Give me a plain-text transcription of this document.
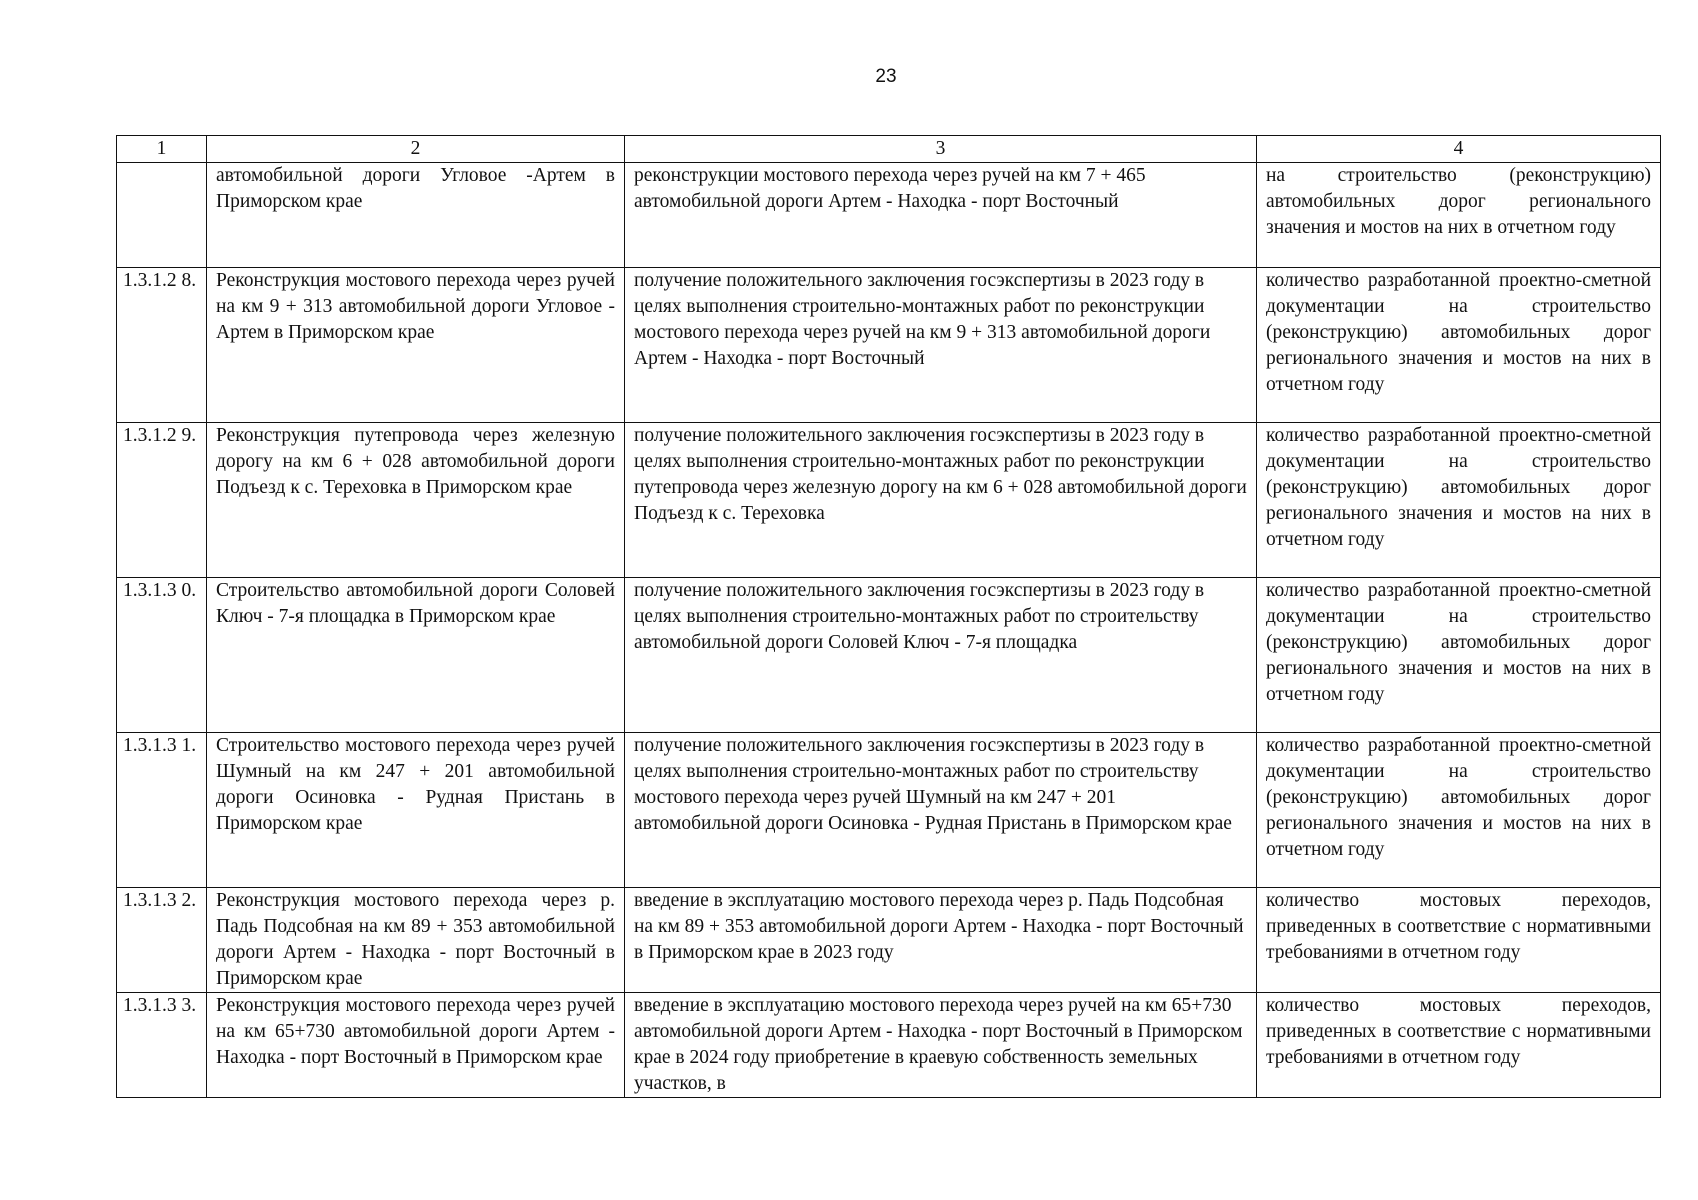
23
1	2	3	4
	автомобильной дороги Угловое -Артем в Приморском крае	реконструкции мостового перехода через ручей на км 7 + 465 автомобильной дороги Артем - Находка - порт Восточный	на строительство (реконструкцию) автомобильных дорог регионального значения и мостов на них в отчетном году
1.3.1.2 8.	Реконструкция мостового перехода через ручей на км 9 + 313 автомобильной дороги Угловое - Артем в Приморском крае	получение положительного заключения госэкспертизы в 2023 году в целях выполнения строительно-монтажных работ по реконструкции мостового перехода через ручей на км 9 + 313 автомобильной дороги Артем - Находка - порт Восточный	количество разработанной проектно-сметной документации на строительство (реконструкцию) автомобильных дорог регионального значения и мостов на них в отчетном году
1.3.1.2 9.	Реконструкция путепровода через железную дорогу на км 6 + 028 автомобильной дороги Подъезд к с. Тереховка в Приморском крае	получение положительного заключения госэкспертизы в 2023 году в целях выполнения строительно-монтажных работ по реконструкции путепровода через железную дорогу на км 6 + 028 автомобильной дороги Подъезд к с. Тереховка	количество разработанной проектно-сметной документации на строительство (реконструкцию) автомобильных дорог регионального значения и мостов на них в отчетном году
1.3.1.3 0.	Строительство автомобильной дороги Соловей Ключ - 7-я площадка в Приморском крае	получение положительного заключения госэкспертизы в 2023 году в целях выполнения строительно-монтажных работ по строительству автомобильной дороги Соловей Ключ - 7-я площадка	количество разработанной проектно-сметной документации на строительство (реконструкцию) автомобильных дорог регионального значения и мостов на них в отчетном году
1.3.1.3 1.	Строительство мостового перехода через ручей Шумный на км 247 + 201 автомобильной дороги Осиновка - Рудная Пристань в Приморском крае	получение положительного заключения госэкспертизы в 2023 году в целях выполнения строительно-монтажных работ по строительству мостового перехода через ручей Шумный на км 247 + 201 автомобильной дороги Осиновка - Рудная Пристань в Приморском крае	количество разработанной проектно-сметной документации на строительство (реконструкцию) автомобильных дорог регионального значения и мостов на них в отчетном году
1.3.1.3 2.	Реконструкция мостового перехода через р. Падь Подсобная на км 89 + 353 автомобильной дороги Артем - Находка - порт Восточный в Приморском крае	введение в эксплуатацию мостового перехода через р. Падь Подсобная на км 89 + 353 автомобильной дороги Артем - Находка - порт Восточный в Приморском крае в 2023 году	количество мостовых переходов, приведенных в соответствие с нормативными требованиями в отчетном году
1.3.1.3 3.	Реконструкция мостового перехода через ручей на км 65+730 автомобильной дороги Артем - Находка - порт Восточный в Приморском крае	введение в эксплуатацию мостового перехода через ручей на км 65+730 автомобильной дороги Артем - Находка - порт Восточный в Приморском крае в 2024 году приобретение в краевую собственность земельных участков, в	количество мостовых переходов, приведенных в соответствие с нормативными требованиями в отчетном году
